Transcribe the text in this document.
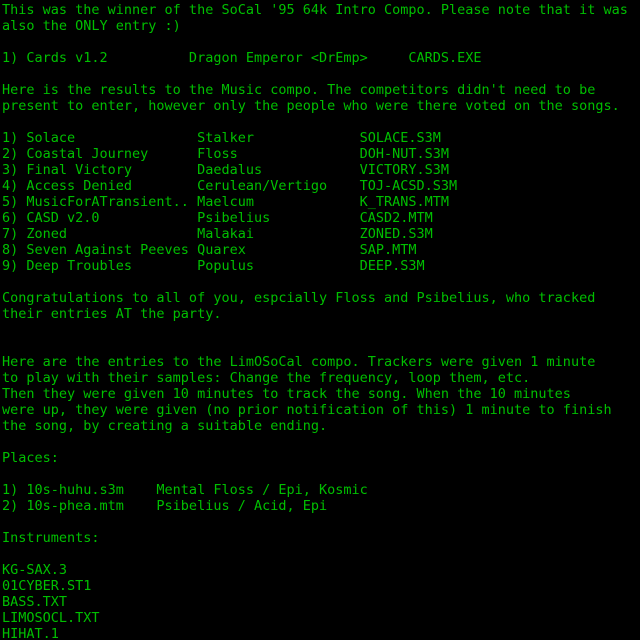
This was the winner of the SoCal '95 64k Intro Compo. Please note that it was
also the ONLY entry :)

1) Cards v1.2          Dragon Emperor <DrEmp>     CARDS.EXE

Here is the results to the Music compo. The competitors didn't need to be
present to enter, however only the people who were there voted on the songs.

1) Solace               Stalker             SOLACE.S3M
2) Coastal Journey      Floss               DOH-NUT.S3M
3) Final Victory        Daedalus            VICTORY.S3M
4) Access Denied        Cerulean/Vertigo    TOJ-ACSD.S3M
5) MusicForATransient.. Maelcum             K_TRANS.MTM
6) CASD v2.0            Psibelius           CASD2.MTM
7) Zoned                Malakai             ZONED.S3M
8) Seven Against Peeves Quarex              SAP.MTM
9) Deep Troubles        Populus             DEEP.S3M

Congratulations to all of you, espcially Floss and Psibelius, who tracked
their entries AT the party.

Here are the entries to the LimOSoCal compo. Trackers were given 1 minute
to play with their samples: Change the frequency, loop them, etc.
Then they were given 10 minutes to track the song. When the 10 minutes
were up, they were given (no prior notification of this) 1 minute to finish
the song, by creating a suitable ending.

Places:

1) 10s-huhu.s3m    Mental Floss / Epi, Kosmic
2) 10s-phea.mtm    Psibelius / Acid, Epi

Instruments:

KG-SAX.3
01CYBER.ST1
BASS.TXT
LIMOSOCL.TXT
HIHAT.1
